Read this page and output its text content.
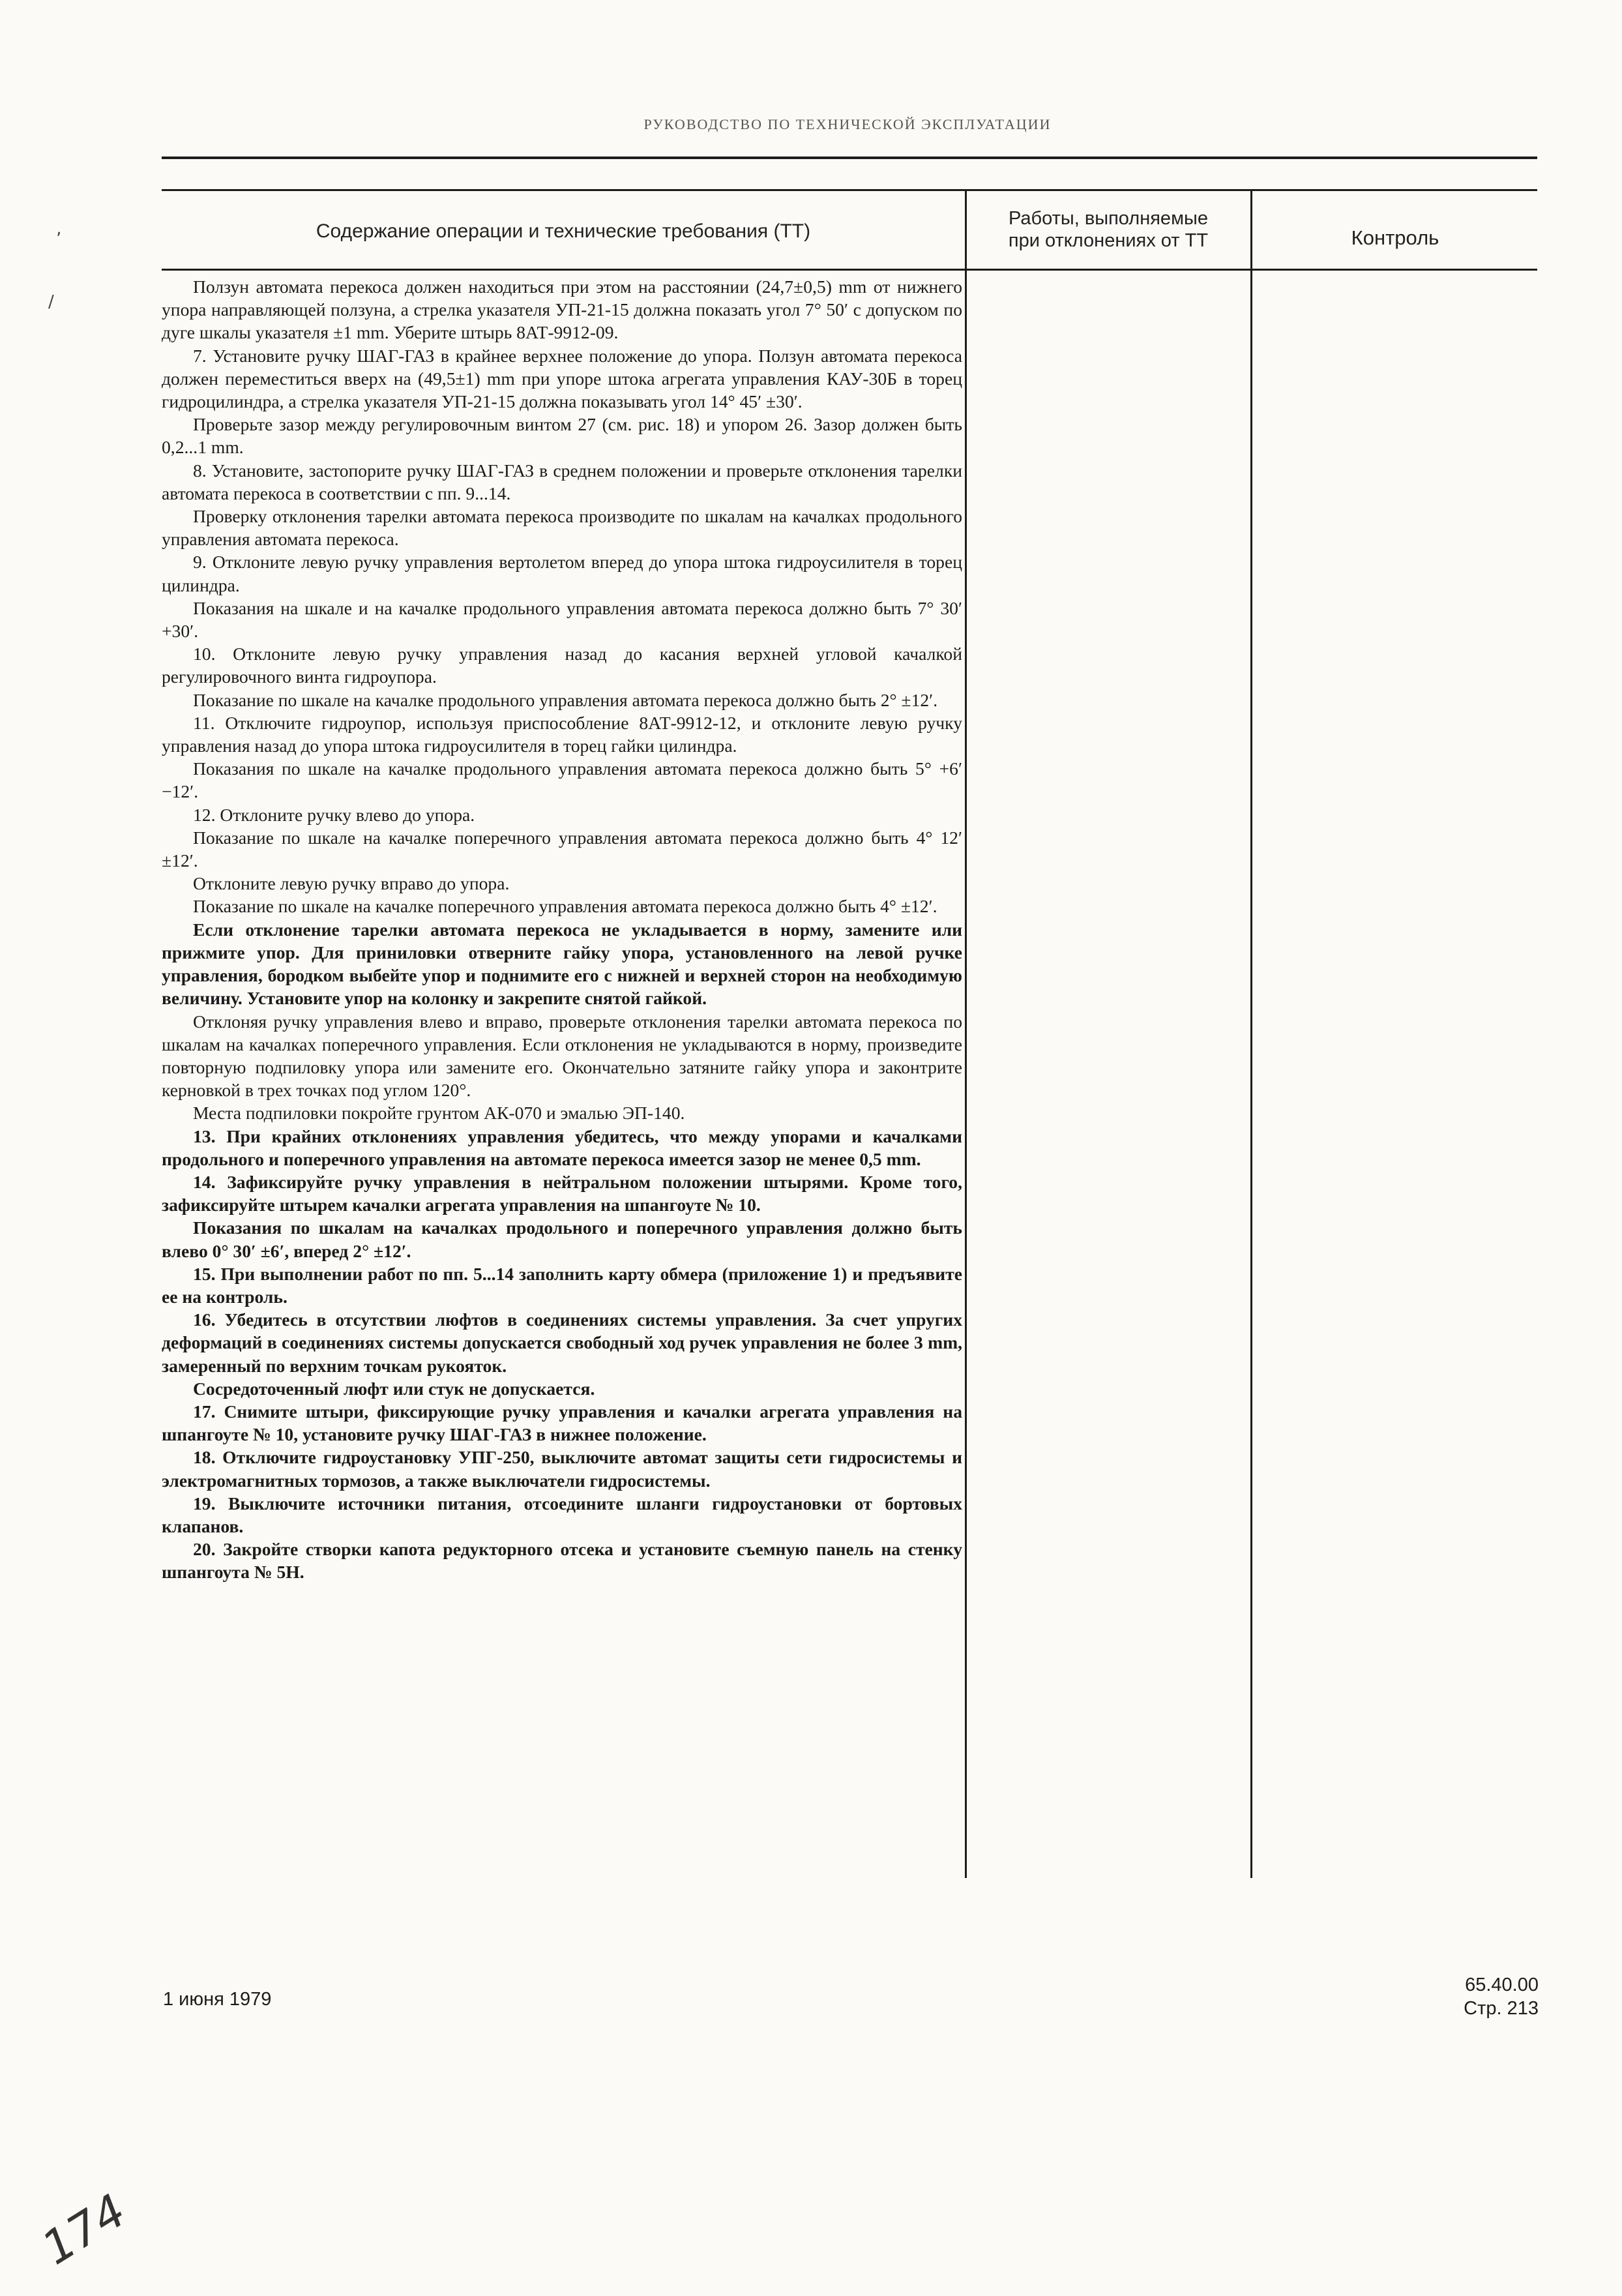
РУКОВОДСТВО ПО ТЕХНИЧЕСКОЙ ЭКСПЛУАТАЦИИ
Содержание операции и технические требования (ТТ)
Работы, выполняемые
при отклонениях от ТТ	Контроль

Ползун автомата перекоса должен находиться при этом на расстоянии (24,7±0,5) mm от нижнего упора направляющей ползуна, а стрелка указателя УП-21-15 должна показать угол 7° 50′ с допуском по дуге шкалы указателя ±1 mm. Уберите штырь 8АТ-9912-09.

7. Установите ручку ШАГ-ГАЗ в крайнее верхнее положение до упора. Ползун автомата перекоса должен переместиться вверх на (49,5±1) mm при упоре штока агрегата управления КАУ-30Б в торец гидроцилиндра, а стрелка указателя УП-21-15 должна показывать угол 14° 45′ ±30′.

Проверьте зазор между регулировочным винтом 27 (см. рис. 18) и упором 26. Зазор должен быть 0,2...1 mm.

8. Установите, застопорите ручку ШАГ-ГАЗ в среднем положении и проверьте отклонения тарелки автомата перекоса в соответствии с пп. 9...14.

Проверку отклонения тарелки автомата перекоса производите по шкалам на качалках продольного управления автомата перекоса.

9. Отклоните левую ручку управления вертолетом вперед до упора штока гидроусилителя в торец цилиндра.

Показания на шкале и на качалке продольного управления автомата перекоса должно быть 7° 30′ +30′.

10. Отклоните левую ручку управления назад до касания верхней угловой качалкой регулировочного винта гидроупора.

Показание по шкале на качалке продольного управления автомата перекоса должно быть 2° ±12′.

11. Отключите гидроупор, используя приспособление 8АТ-9912-12, и отклоните левую ручку управления назад до упора штока гидроусилителя в торец гайки цилиндра.

Показания по шкале на качалке продольного управления автомата перекоса должно быть 5° +6′ −12′.

12. Отклоните ручку влево до упора.

Показание по шкале на качалке поперечного управления автомата перекоса должно быть 4° 12′ ±12′.

Отклоните левую ручку вправо до упора.

Показание по шкале на качалке поперечного управления автомата перекоса должно быть 4° ±12′.

Если отклонение тарелки автомата перекоса не укладывается в норму, замените или прижмите упор. Для приниловки отверните гайку упора, установленного на левой ручке управления, бородком выбейте упор и поднимите его с нижней и верхней сторон на необходимую величину. Установите упор на колонку и закрепите снятой гайкой.

Отклоняя ручку управления влево и вправо, проверьте отклонения тарелки автомата перекоса по шкалам на качалках поперечного управления. Если отклонения не укладываются в норму, произведите повторную подпиловку упора или замените его. Окончательно затяните гайку упора и законтрите керновкой в трех точках под углом 120°.

Места подпиловки покройте грунтом АК-070 и эмалью ЭП-140.

13. При крайних отклонениях управления убедитесь, что между упорами и качалками продольного и поперечного управления на автомате перекоса имеется зазор не менее 0,5 mm.

14. Зафиксируйте ручку управления в нейтральном положении штырями. Кроме того, зафиксируйте штырем качалки агрегата управления на шпангоуте № 10.

Показания по шкалам на качалках продольного и поперечного управления должно быть влево 0° 30′ ±6′, вперед 2° ±12′.

15. При выполнении работ по пп. 5...14 заполнить карту обмера (приложение 1) и предъявите ее на контроль.

16. Убедитесь в отсутствии люфтов в соединениях системы управления. За счет упругих деформаций в соединениях системы допускается свободный ход ручек управления не более 3 mm, замеренный по верхним точкам рукояток.

Сосредоточенный люфт или стук не допускается.

17. Снимите штыри, фиксирующие ручку управления и качалки агрегата управления на шпангоуте № 10, установите ручку ШАГ-ГАЗ в нижнее положение.

18. Отключите гидроустановку УПГ-250, выключите автомат защиты сети гидросистемы и электромагнитных тормозов, а также выключатели гидросистемы.

19. Выключите источники питания, отсоедините шланги гидроустановки от бортовых клапанов.

20. Закройте створки капота редукторного отсека и установите съемную панель на стенку шпангоута № 5Н.

1 июня 1979
65.40.00
Стр. 213
174
‚
/
